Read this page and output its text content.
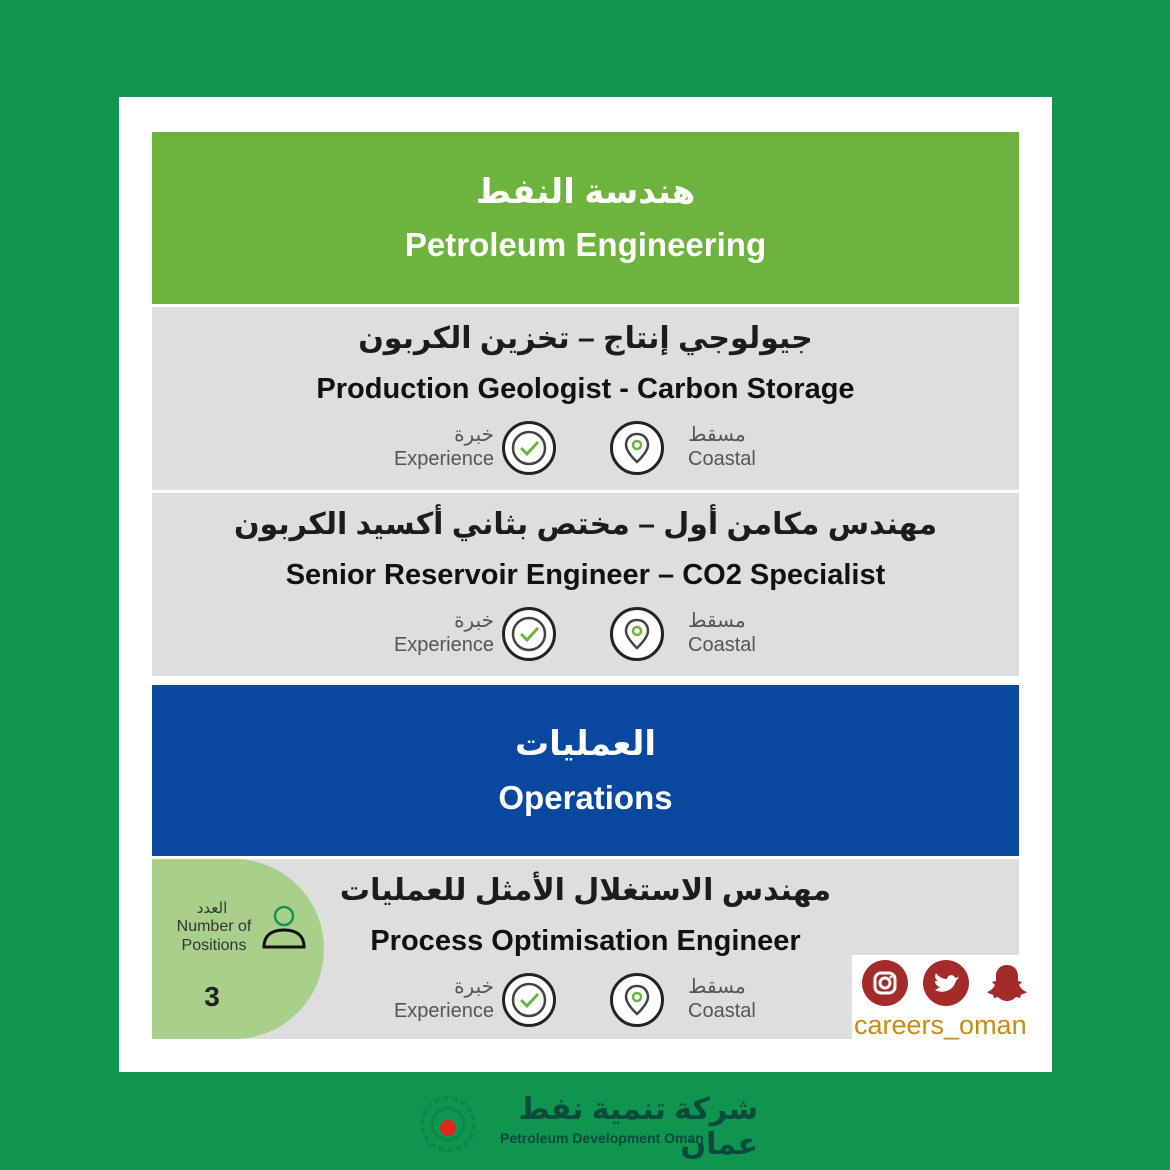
هندسة النفط
Petroleum Engineering
جيولوجي إنتاج – تخزين الكربون
Production Geologist - Carbon Storage
خبرة
Experience
مسقط
Coastal
مهندس مكامن أول – مختص بثاني أكسيد الكربون
Senior Reservoir Engineer – CO2 Specialist
خبرة
Experience
مسقط
Coastal
العمليات
Operations
مهندس الاستغلال الأمثل للعمليات
Process Optimisation Engineer
خبرة
Experience
مسقط
Coastal
العدد
Number of Positions
3
careers_oman
شركة تنمية نفط عمان
Petroleum Development Oman
